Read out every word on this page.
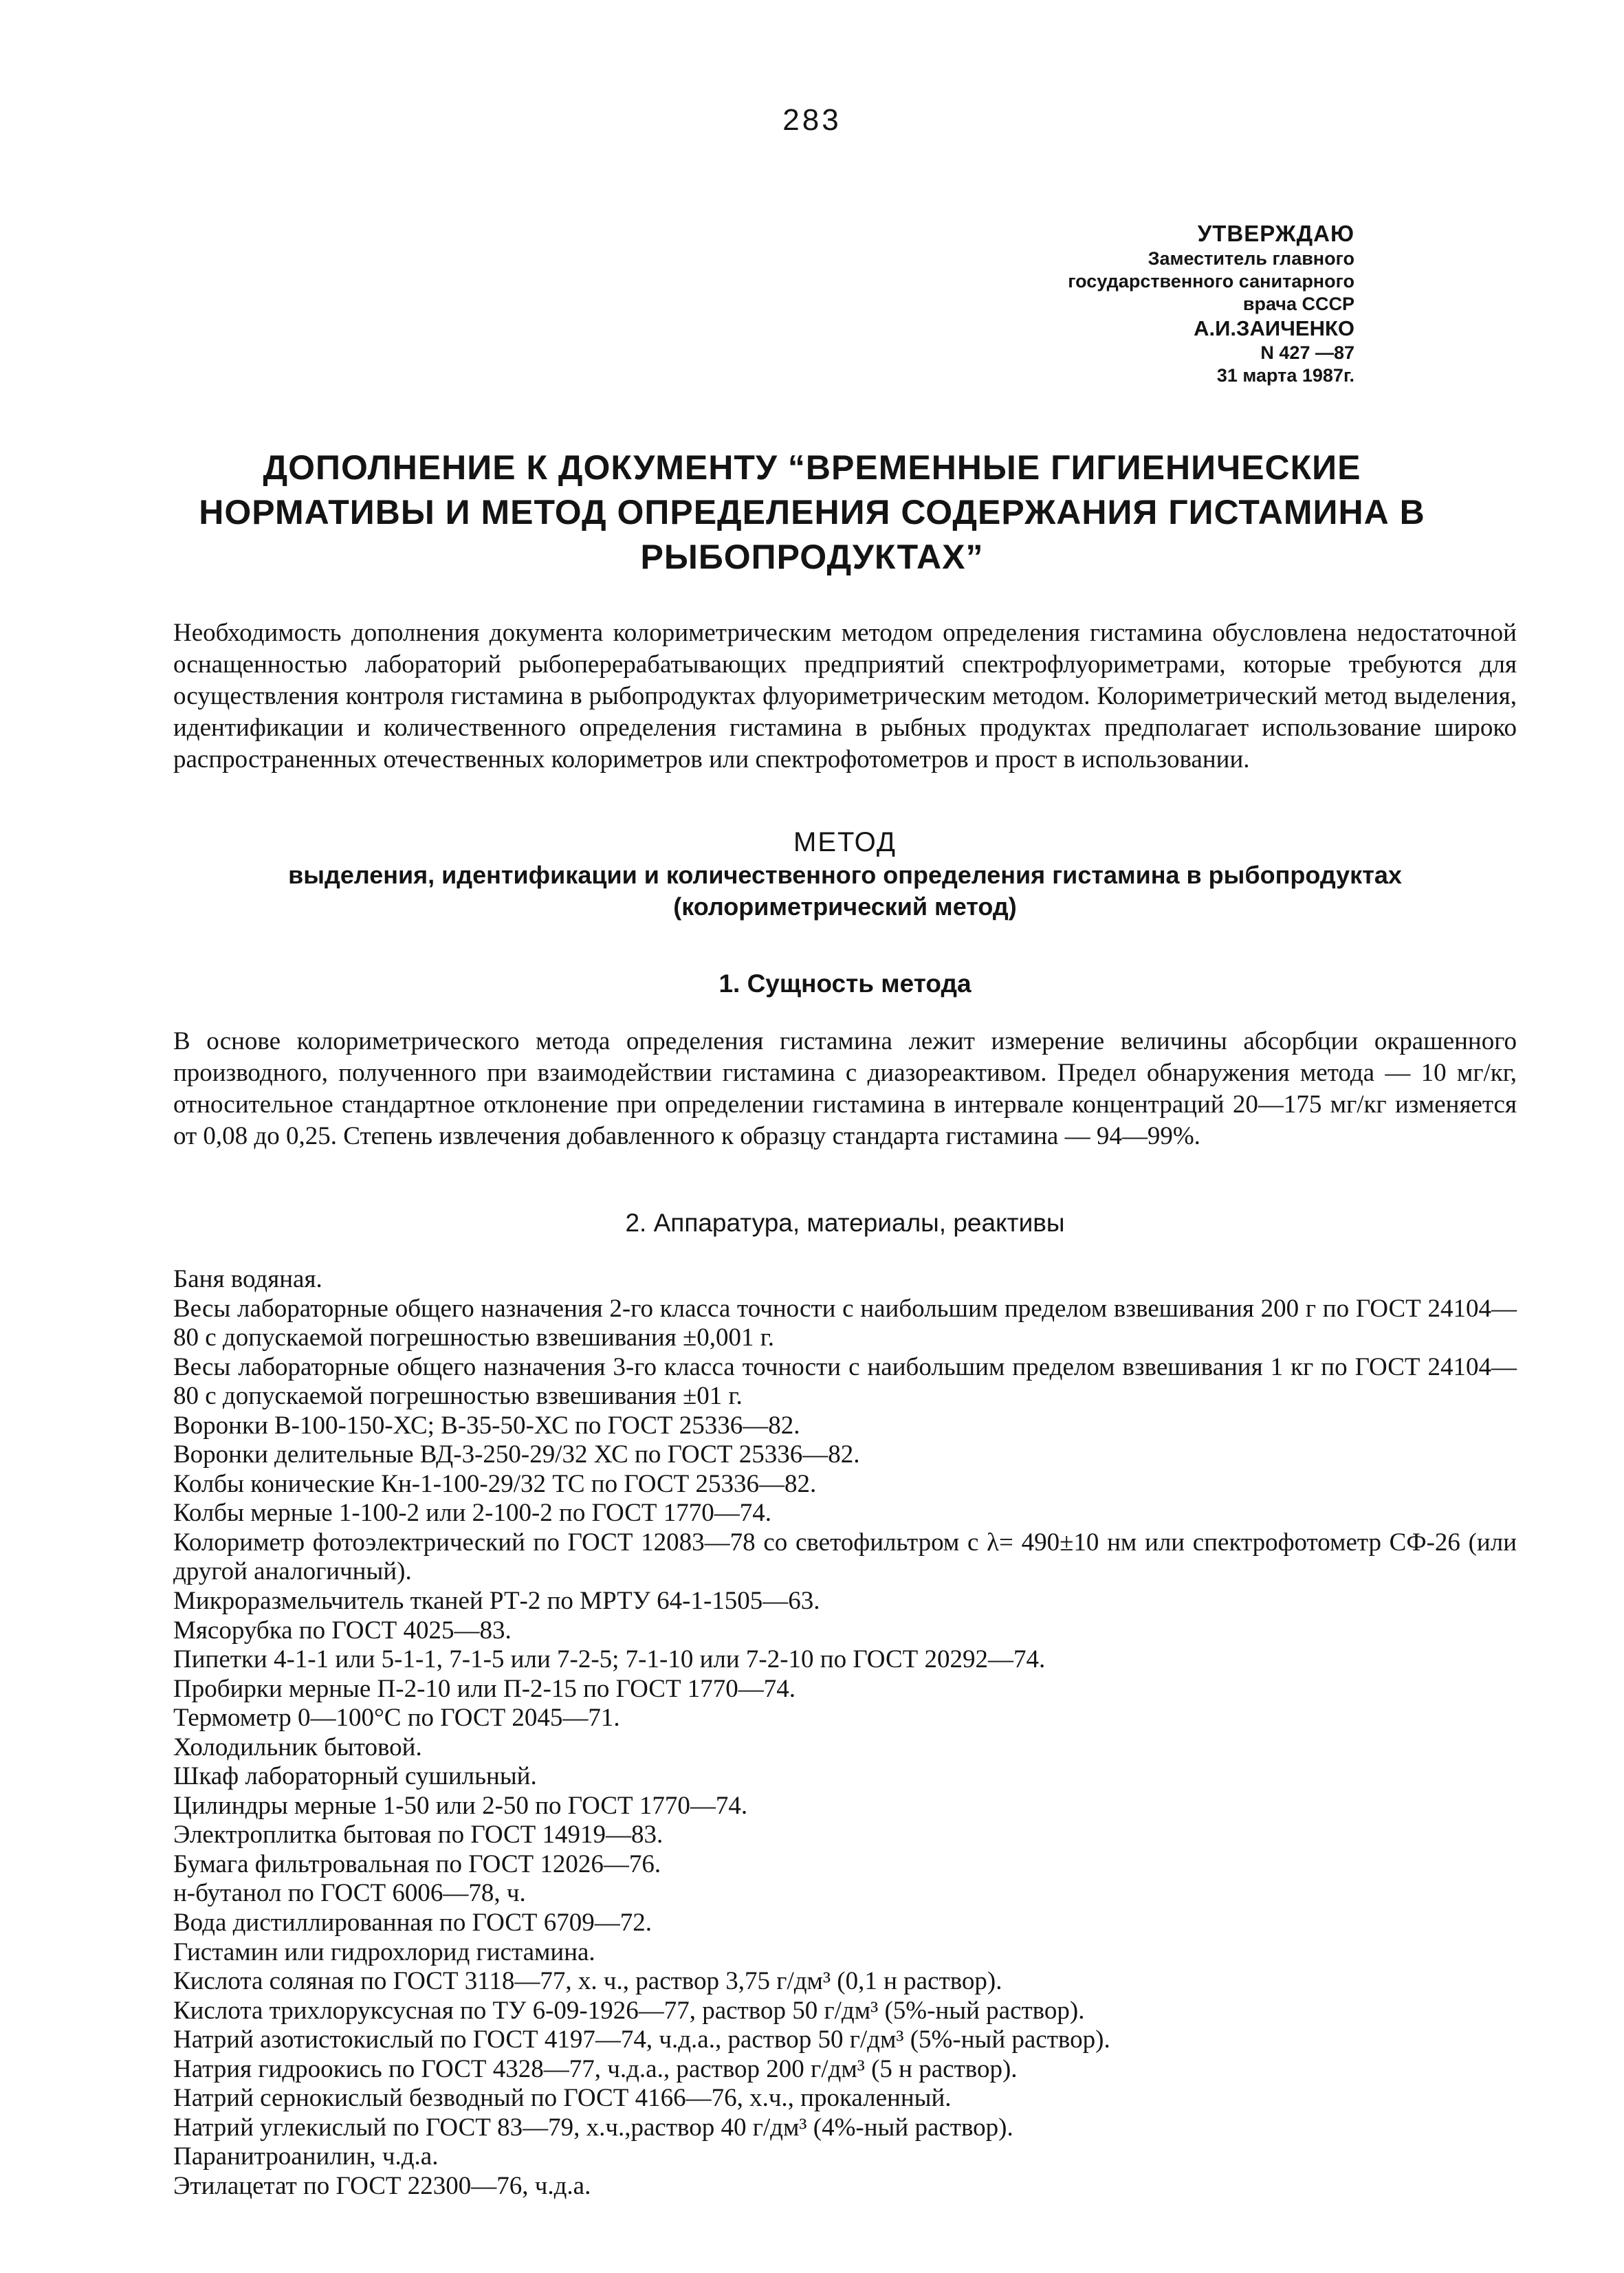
283
УТВЕРЖДАЮ
Заместитель главного
государственного санитарного
врача СССР
А.И.ЗАИЧЕНКО
N 427 —87
31 марта 1987г.
ДОПОЛНЕНИЕ К ДОКУМЕНТУ “ВРЕМЕННЫЕ ГИГИЕНИЧЕСКИЕ НОРМАТИВЫ И МЕТОД ОПРЕДЕЛЕНИЯ СОДЕРЖАНИЯ ГИСТАМИНА В РЫБОПРОДУКТАХ”

Необходимость дополнения документа колориметрическим методом определения гистамина обусловлена недостаточной оснащенностью лабораторий рыбоперерабатывающих предприятий спектрофлуориметрами, которые требуются для осуществления контроля гистамина в рыбопродуктах флуориметрическим методом. Колориметрический метод выделения, идентификации и количественного определения гистамина в рыбных продуктах предполагает использование широко распространенных отечественных колориметров или спектрофотометров и прост в использовании.

МЕТОД
выделения, идентификации и количественного определения гистамина в рыбопродуктах
(колориметрический метод)
1. Сущность метода

В основе колориметрического метода определения гистамина лежит измерение величины абсорбции окрашенного производного, полученного при взаимодействии гистамина с диазореактивом. Предел обнаружения метода — 10 мг/кг, относительное стандартное отклонение при определении гистамина в интервале концентраций 20—175 мг/кг изменяется от 0,08 до 0,25. Степень извлечения добавленного к образцу стандарта гистамина — 94—99%.

2. Аппаратура, материалы, реактивы
Баня водяная.
Весы лабораторные общего назначения 2-го класса точности с наибольшим пределом взвешивания 200 г по ГОСТ 24104—80 с допускаемой погрешностью взвешивания ±0,001 г.
Весы лабораторные общего назначения 3-го класса точности с наибольшим пределом взвешивания 1 кг по ГОСТ 24104—80 с допускаемой погрешностью взвешивания ±01 г.
Воронки В-100-150-ХС; В-35-50-ХС по ГОСТ 25336—82.
Воронки делительные ВД-3-250-29/32 ХС по ГОСТ 25336—82.
Колбы конические Кн-1-100-29/32 ТС по ГОСТ 25336—82.
Колбы мерные 1-100-2 или 2-100-2 по ГОСТ 1770—74.
Колориметр фотоэлектрический по ГОСТ 12083—78 со светофильтром с λ= 490±10 нм или спектрофотометр СФ-26 (или другой аналогичный).
Микроразмельчитель тканей РТ-2 по МРТУ 64-1-1505—63.
Мясорубка по ГОСТ 4025—83.
Пипетки 4-1-1 или 5-1-1, 7-1-5 или 7-2-5; 7-1-10 или 7-2-10 по ГОСТ 20292—74.
Пробирки мерные П-2-10 или П-2-15 по ГОСТ 1770—74.
Термометр 0—100°С по ГОСТ 2045—71.
Холодильник бытовой.
Шкаф лабораторный сушильный.
Цилиндры мерные 1-50 или 2-50 по ГОСТ 1770—74.
Электроплитка бытовая по ГОСТ 14919—83.
Бумага фильтровальная по ГОСТ 12026—76.
н-бутанол по ГОСТ 6006—78, ч.
Вода дистиллированная по ГОСТ 6709—72.
Гистамин или гидрохлорид гистамина.
Кислота соляная по ГОСТ 3118—77, х. ч., раствор 3,75 г/дм³ (0,1 н раствор).
Кислота трихлоруксусная по ТУ 6-09-1926—77, раствор 50 г/дм³ (5%-ный раствор).
Натрий азотистокислый по ГОСТ 4197—74, ч.д.а., раствор 50 г/дм³ (5%-ный раствор).
Натрия гидроокись по ГОСТ 4328—77, ч.д.а., раствор 200 г/дм³ (5 н раствор).
Натрий сернокислый безводный по ГОСТ 4166—76, х.ч., прокаленный.
Натрий углекислый по ГОСТ 83—79, х.ч.,раствор 40 г/дм³ (4%-ный раствор).
Паранитроанилин, ч.д.а.
Этилацетат по ГОСТ 22300—76, ч.д.а.
